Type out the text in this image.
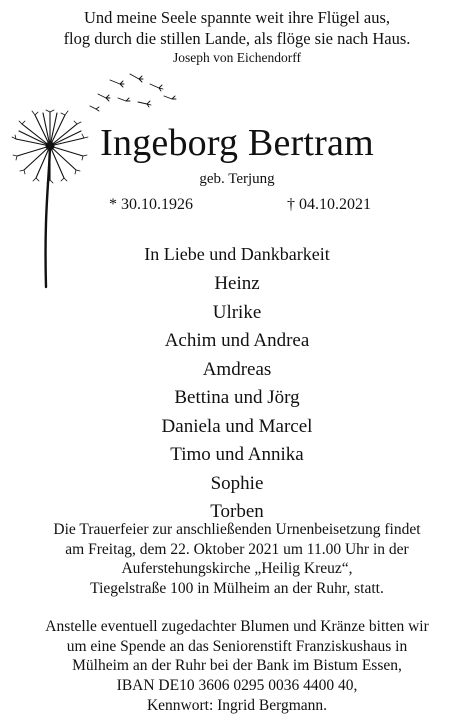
Und meine Seele spannte weit ihre Flügel aus,
flog durch die stillen Lande, als flöge sie nach Haus.
Joseph von Eichendorff
Ingeborg Bertram
geb. Terjung
* 30.10.1926	† 04.10.2021
In Liebe und Dankbarkeit
Heinz
Ulrike
Achim und Andrea
Amdreas
Bettina und Jörg
Daniela und Marcel
Timo und Annika
Sophie
Torben
Die Trauerfeier zur anschließenden Urnenbeisetzung findet
am Freitag, dem 22. Oktober 2021 um 11.00 Uhr in der
Auferstehungskirche „Heilig Kreuz“,
Tiegelstraße 100 in Mülheim an der Ruhr, statt.
Anstelle eventuell zugedachter Blumen und Kränze bitten wir
um eine Spende an das Seniorenstift Franziskushaus in
Mülheim an der Ruhr bei der Bank im Bistum Essen,
IBAN DE10 3606 0295 0036 4400 40,
Kennwort: Ingrid Bergmann.
